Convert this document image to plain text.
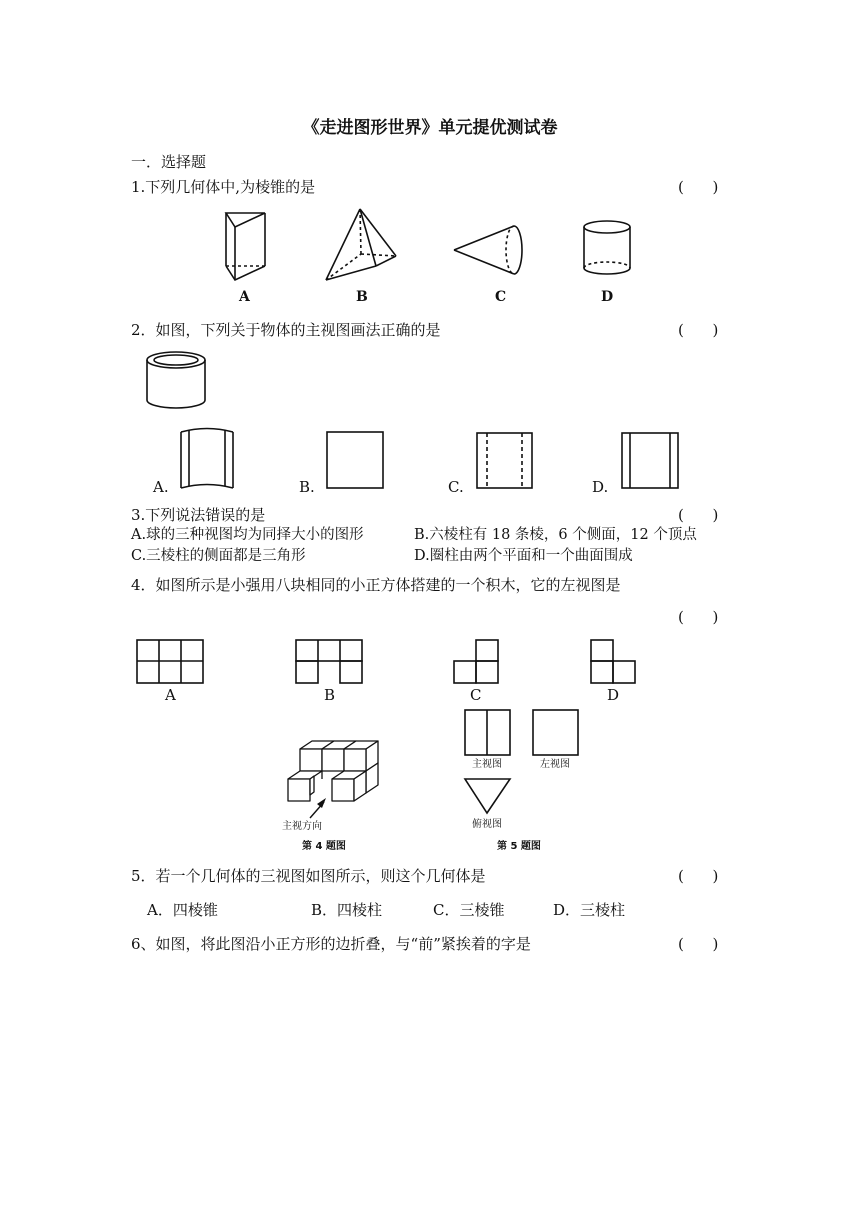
《走进图形世界》单元提优测试卷
一．选择题
1.下列几何体中,为棱锥的是	(      )
A	B	C	D
2．如图，下列关于物体的主视图画法正确的是	(      )
A.	B.	C.	D.
3.下列说法错误的是	(      )
A.球的三种视图均为同择大小的图形	B.六棱柱有 18 条棱，6 个侧面，12 个顶点
C.三棱柱的侧面都是三角形	D.圈柱由两个平面和一个曲面围成
4．如图所示是小强用八块相同的小正方体搭建的一个积木，它的左视图是
(      )
A	B	C	D
主视方向
第 4 题图
主视图	左视图
俯视图
第 5 题图
5．若一个几何体的三视图如图所示，则这个几何体是	(      )
A．四棱锥	B．四棱柱	C．三棱锥	D．三棱柱
6、如图，将此图沿小正方形的边折叠，与“前”紧挨着的字是	(      )
